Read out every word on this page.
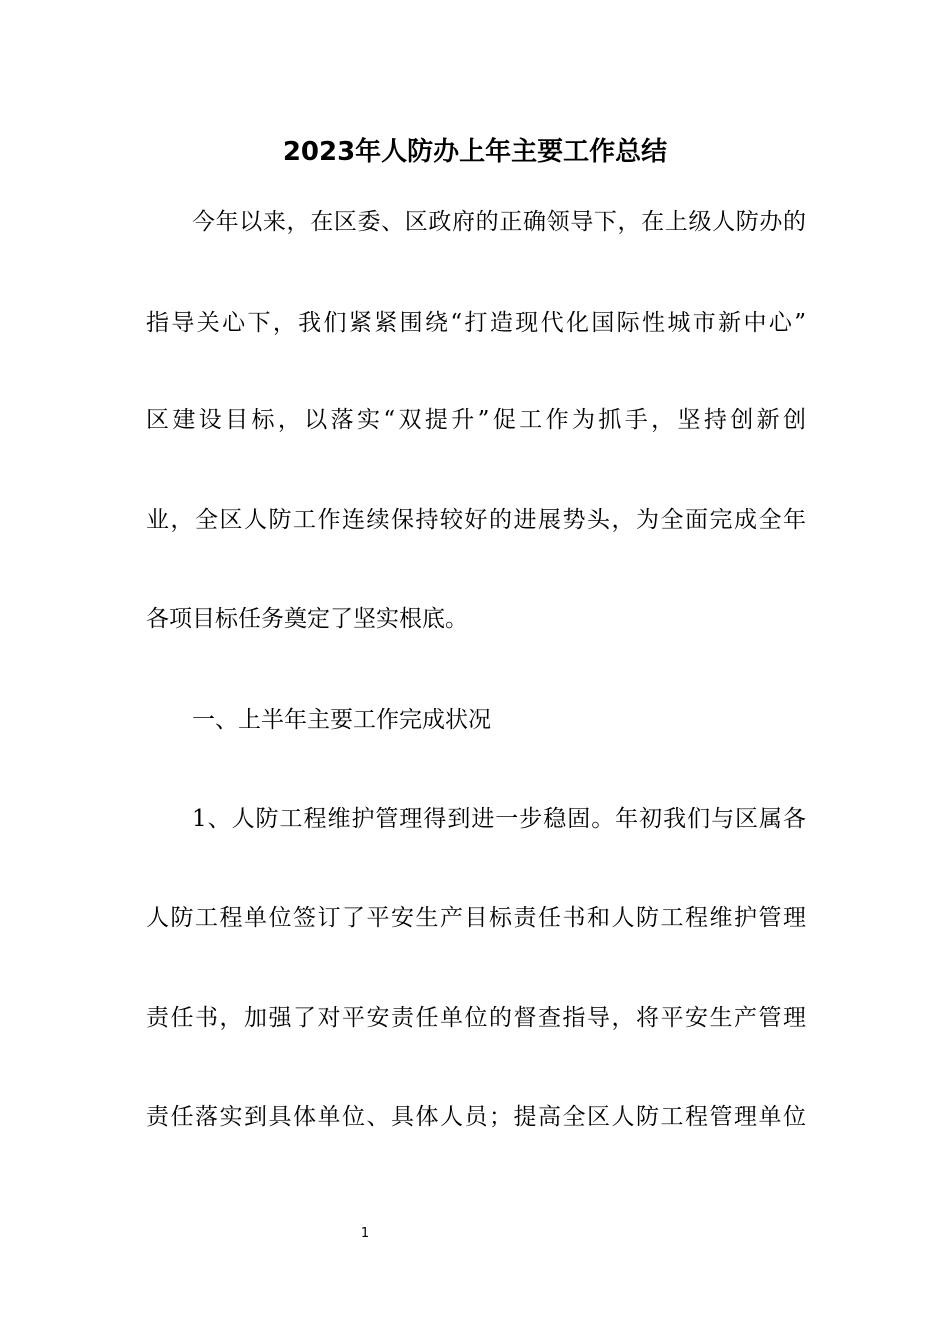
2023年人防办上年主要工作总结
今年以来，在区委、区政府的正确领导下，在上级人防办的
指导关心下，我们紧紧围绕“打造现代化国际性城市新中心”
区建设目标，以落实“双提升”促工作为抓手，坚持创新创
业，全区人防工作连续保持较好的进展势头，为全面完成全年
各项目标任务奠定了坚实根底。
一、上半年主要工作完成状况
1、人防工程维护管理得到进一步稳固。年初我们与区属各
人防工程单位签订了平安生产目标责任书和人防工程维护管理
责任书，加强了对平安责任单位的督查指导，将平安生产管理
责任落实到具体单位、具体人员；提高全区人防工程管理单位
1
